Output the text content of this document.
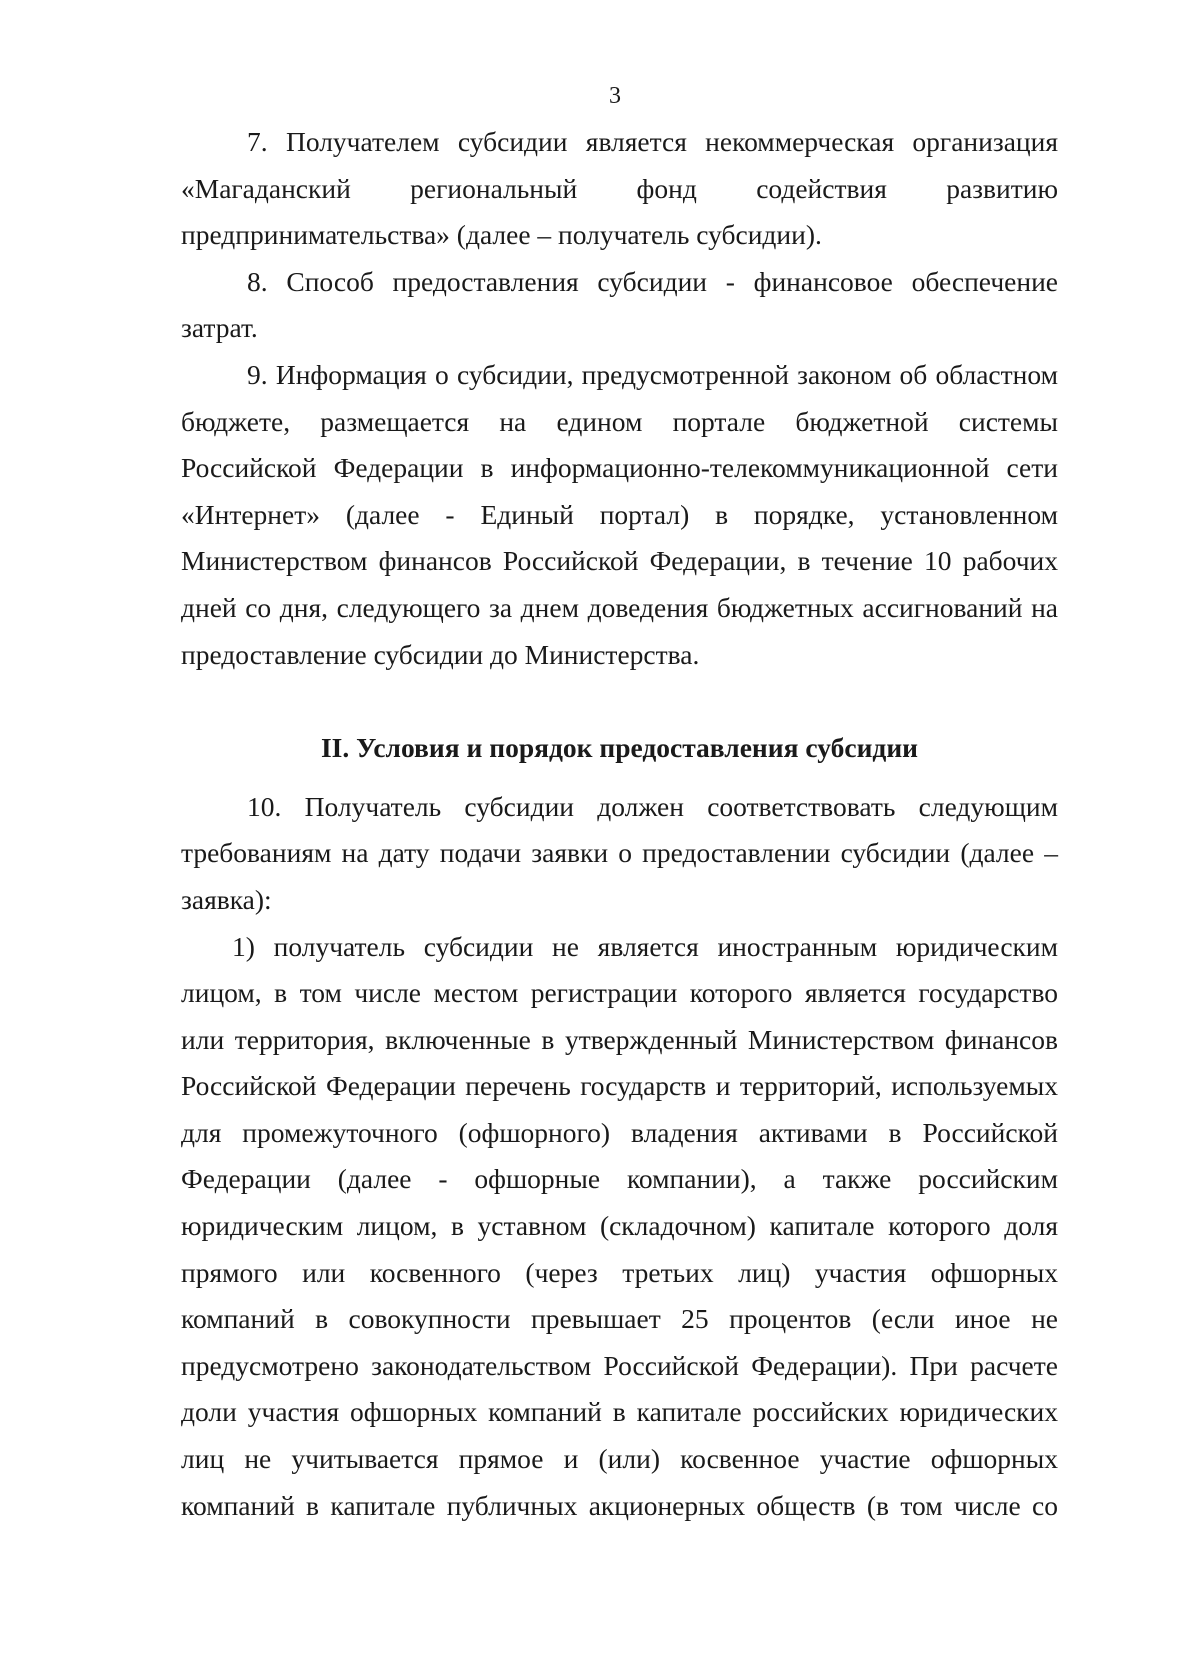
3

7. Получателем субсидии является некоммерческая организация
«Магаданский региональный фонд содействия развитию
предпринимательства» (далее – получатель субсидии).

8. Способ предоставления субсидии - финансовое обеспечение
затрат.

9. Информация о субсидии, предусмотренной законом об областном
бюджете, размещается на едином портале бюджетной системы
Российской Федерации в информационно-телекоммуникационной сети
«Интернет» (далее - Единый портал) в порядке, установленном
Министерством финансов Российской Федерации, в течение 10 рабочих
дней со дня, следующего за днем доведения бюджетных ассигнований на
предоставление субсидии до Министерства.

II. Условия и порядок предоставления субсидии

10. Получатель субсидии должен соответствовать следующим
требованиям на дату подачи заявки о предоставлении субсидии (далее –
заявка):

1) получатель субсидии не является иностранным юридическим
лицом, в том числе местом регистрации которого является государство
или территория, включенные в утвержденный Министерством финансов
Российской Федерации перечень государств и территорий, используемых
для промежуточного (офшорного) владения активами в Российской
Федерации (далее - офшорные компании), а также российским
юридическим лицом, в уставном (складочном) капитале которого доля
прямого или косвенного (через третьих лиц) участия офшорных
компаний в совокупности превышает 25 процентов (если иное не
предусмотрено законодательством Российской Федерации). При расчете
доли участия офшорных компаний в капитале российских юридических
лиц не учитывается прямое и (или) косвенное участие офшорных
компаний в капитале публичных акционерных обществ (в том числе со
